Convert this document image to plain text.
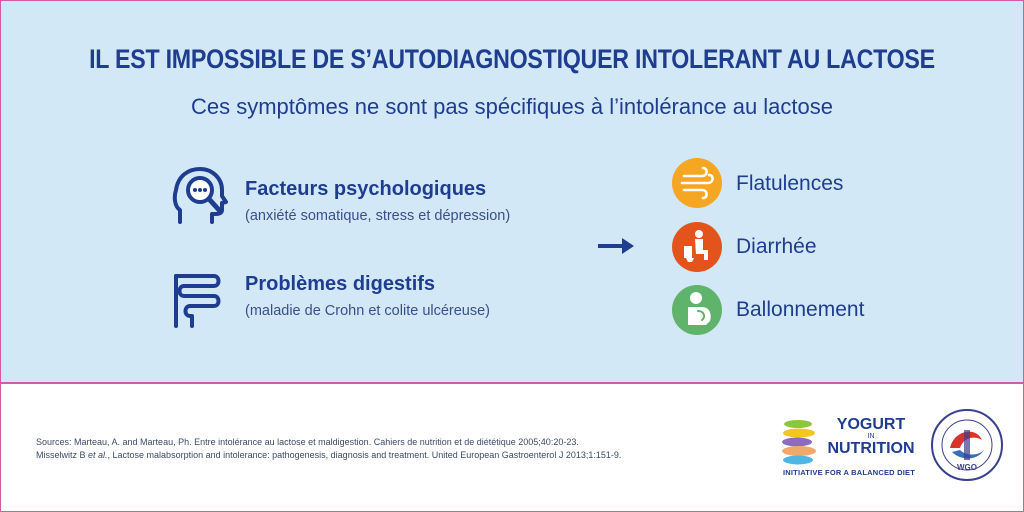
IL EST IMPOSSIBLE DE S’AUTODIAGNOSTIQUER INTOLERANT AU LACTOSE
Ces symptômes ne sont pas spécifiques à l’intolérance au lactose
Facteurs psychologiques
(anxiété somatique, stress et dépression)
Problèmes digestifs
(maladie de Crohn et colite ulcéreuse)
Flatulences
Diarrhée
Ballonnement
Sources: Marteau, A. and Marteau, Ph. Entre intolérance au lactose et maldigestion. Cahiers de nutrition et de diététique 2005;40:20-23.
Misselwitz B et al., Lactose malabsorption and intolerance: pathogenesis, diagnosis and treatment. United European Gastroenterol J 2013;1:151-9.
YOGURT
IN
NUTRITION
INITIATIVE FOR A BALANCED DIET
WGO
